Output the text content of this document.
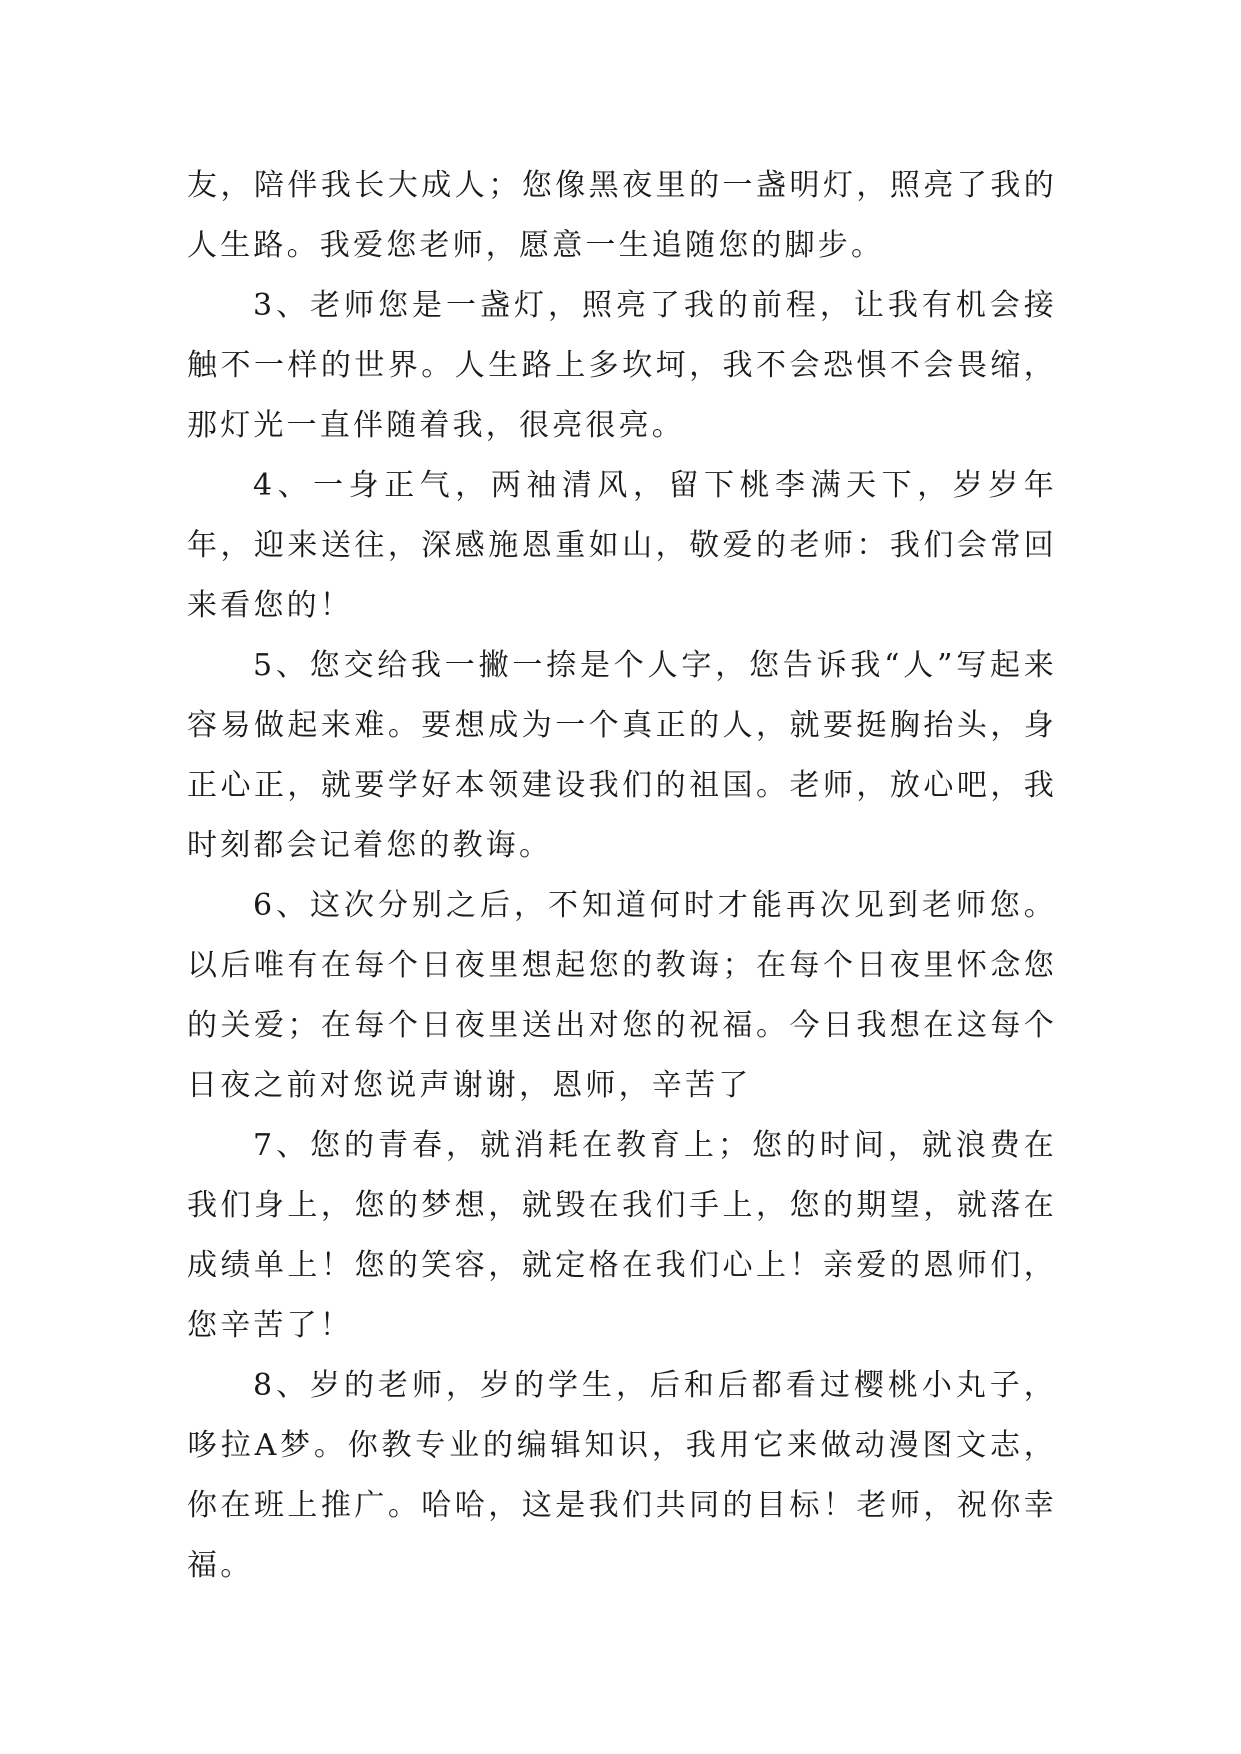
友，陪伴我长大成人；您像黑夜里的一盏明灯，照亮了我的人生路。我爱您老师，愿意一生追随您的脚步。

3、老师您是一盏灯，照亮了我的前程，让我有机会接触不一样的世界。人生路上多坎坷，我不会恐惧不会畏缩，那灯光一直伴随着我，很亮很亮。

4、一身正气，两袖清风，留下桃李满天下，岁岁年年，迎来送往，深感施恩重如山，敬爱的老师：我们会常回来看您的！

5、您交给我一撇一捺是个人字，您告诉我“人”写起来容易做起来难。要想成为一个真正的人，就要挺胸抬头，身正心正，就要学好本领建设我们的祖国。老师，放心吧，我时刻都会记着您的教诲。

6、这次分别之后，不知道何时才能再次见到老师您。以后唯有在每个日夜里想起您的教诲；在每个日夜里怀念您的关爱；在每个日夜里送出对您的祝福。今日我想在这每个日夜之前对您说声谢谢，恩师，辛苦了

7、您的青春，就消耗在教育上；您的时间，就浪费在我们身上，您的梦想，就毁在我们手上，您的期望，就落在成绩单上！您的笑容，就定格在我们心上！亲爱的恩师们，您辛苦了！

8、岁的老师，岁的学生，后和后都看过樱桃小丸子，哆拉A梦。你教专业的编辑知识，我用它来做动漫图文志，你在班上推广。哈哈，这是我们共同的目标！老师，祝你幸福。
